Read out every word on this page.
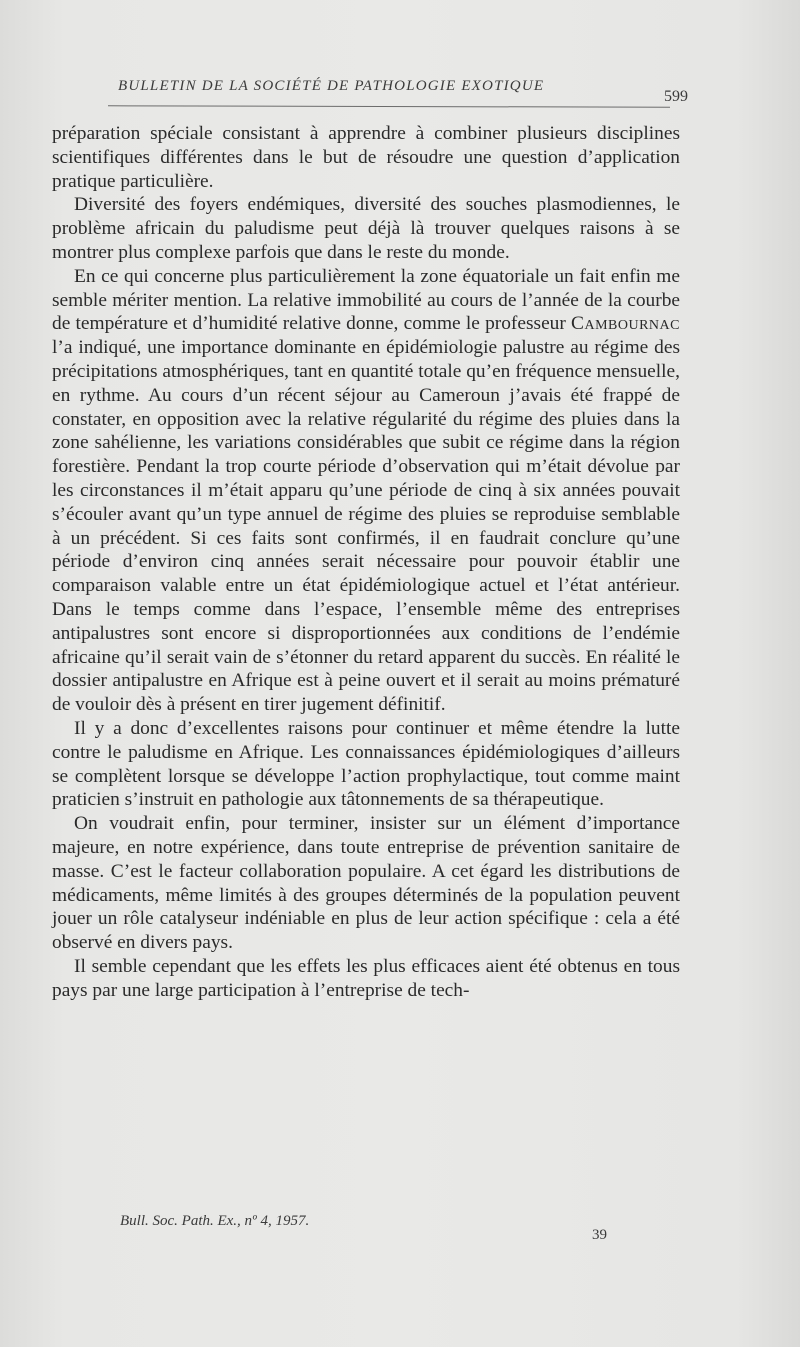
BULLETIN DE LA SOCIÉTÉ DE PATHOLOGIE EXOTIQUE
599

préparation spéciale consistant à apprendre à combiner plusieurs disciplines scientifiques différentes dans le but de résoudre une question d’application pratique particulière.

Diversité des foyers endémiques, diversité des souches plasmodiennes, le problème africain du paludisme peut déjà là trouver quelques raisons à se montrer plus complexe parfois que dans le reste du monde.

En ce qui concerne plus particulièrement la zone équatoriale un fait enfin me semble mériter mention. La relative immobilité au cours de l’année de la courbe de température et d’humidité relative donne, comme le professeur Cambournac l’a indiqué, une importance dominante en épidémiologie palustre au régime des précipitations atmosphériques, tant en quantité totale qu’en fréquence mensuelle, en rythme. Au cours d’un récent séjour au Cameroun j’avais été frappé de constater, en opposition avec la relative régularité du régime des pluies dans la zone sahélienne, les variations considérables que subit ce régime dans la région forestière. Pendant la trop courte période d’observation qui m’était dévolue par les circonstances il m’était apparu qu’une période de cinq à six années pouvait s’écouler avant qu’un type annuel de régime des pluies se reproduise semblable à un précédent. Si ces faits sont confirmés, il en faudrait conclure qu’une période d’environ cinq années serait nécessaire pour pouvoir établir une comparaison valable entre un état épidémiologique actuel et l’état antérieur. Dans le temps comme dans l’espace, l’ensemble même des entreprises antipalustres sont encore si disproportionnées aux conditions de l’endémie africaine qu’il serait vain de s’étonner du retard apparent du succès. En réalité le dossier antipalustre en Afrique est à peine ouvert et il serait au moins prématuré de vouloir dès à présent en tirer jugement définitif.

Il y a donc d’excellentes raisons pour continuer et même étendre la lutte contre le paludisme en Afrique. Les connaissances épidémiologiques d’ailleurs se complètent lorsque se développe l’action prophylactique, tout comme maint praticien s’instruit en pathologie aux tâtonnements de sa thérapeutique.

On voudrait enfin, pour terminer, insister sur un élément d’importance majeure, en notre expérience, dans toute entreprise de prévention sanitaire de masse. C’est le facteur collaboration populaire. A cet égard les distributions de médicaments, même limités à des groupes déterminés de la population peuvent jouer un rôle catalyseur indéniable en plus de leur action spécifique : cela a été observé en divers pays.

Il semble cependant que les effets les plus efficaces aient été obtenus en tous pays par une large participation à l’entreprise de tech-

Bull. Soc. Path. Ex., nº 4, 1957.
39
